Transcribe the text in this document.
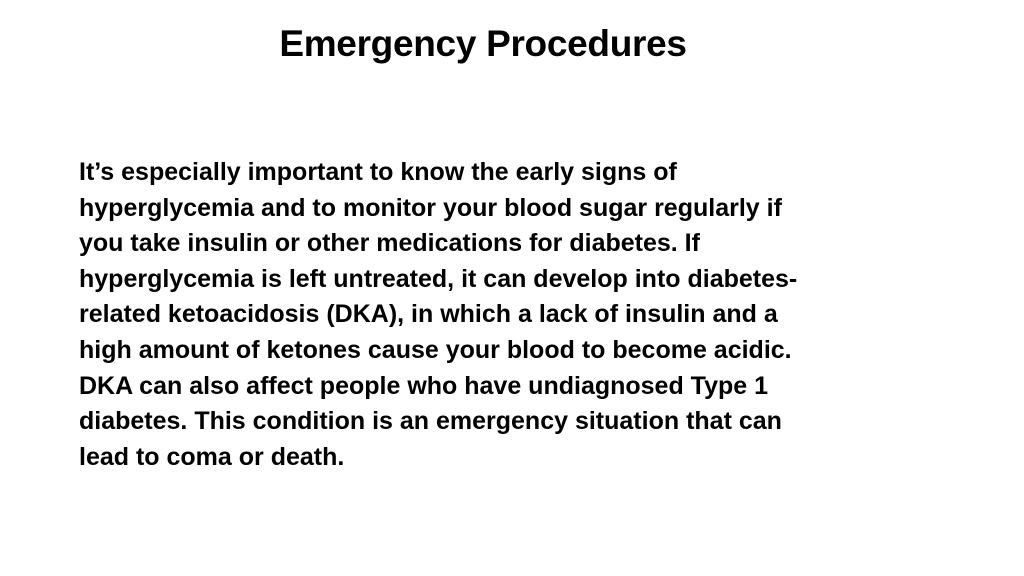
Emergency Procedures

It’s especially important to know the early signs of
hyperglycemia and to monitor your blood sugar regularly if
you take insulin or other medications for diabetes. If
hyperglycemia is left untreated, it can develop into diabetes-
related ketoacidosis (DKA), in which a lack of insulin and a
high amount of ketones cause your blood to become acidic.
DKA can also affect people who have undiagnosed Type 1
diabetes. This condition is an emergency situation that can
lead to coma or death.
